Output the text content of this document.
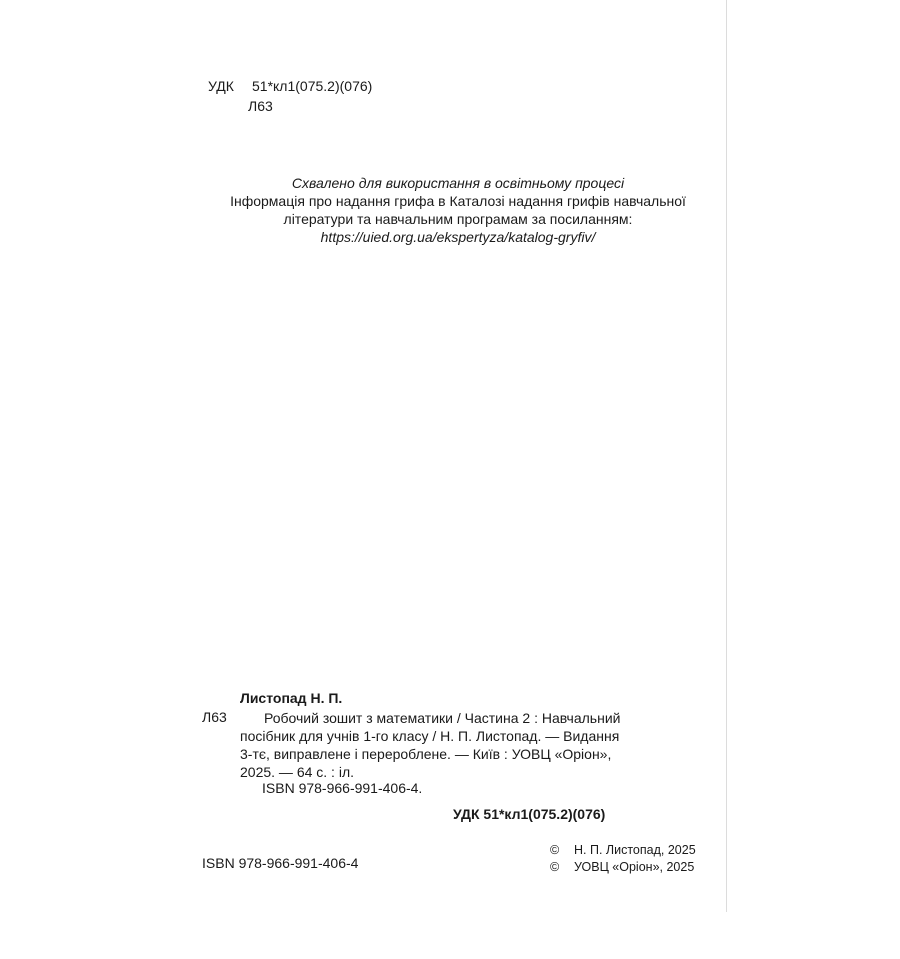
УДК 51*кл1(075.2)(076)
Л63
Схвалено для використання в освітньому процесі
Інформація про надання грифа в Каталозі надання грифів навчальної
літератури та навчальним програмам за посиланням:
https://uied.org.ua/ekspertyza/katalog-gryfiv/
Листопад Н. П.
Л63	Робочий зошит з математики / Частина 2 : Навчальний
посібник для учнів 1-го класу / Н. П. Листопад. — Видання
3-тє, виправлене і перероблене. — Київ : УОВЦ «Оріон»,
2025. — 64 с. : іл.
ISBN 978-966-991-406-4.
УДК 51*кл1(075.2)(076)
ISBN 978-966-991-406-4
© Н. П. Листопад, 2025
© УОВЦ «Оріон», 2025
